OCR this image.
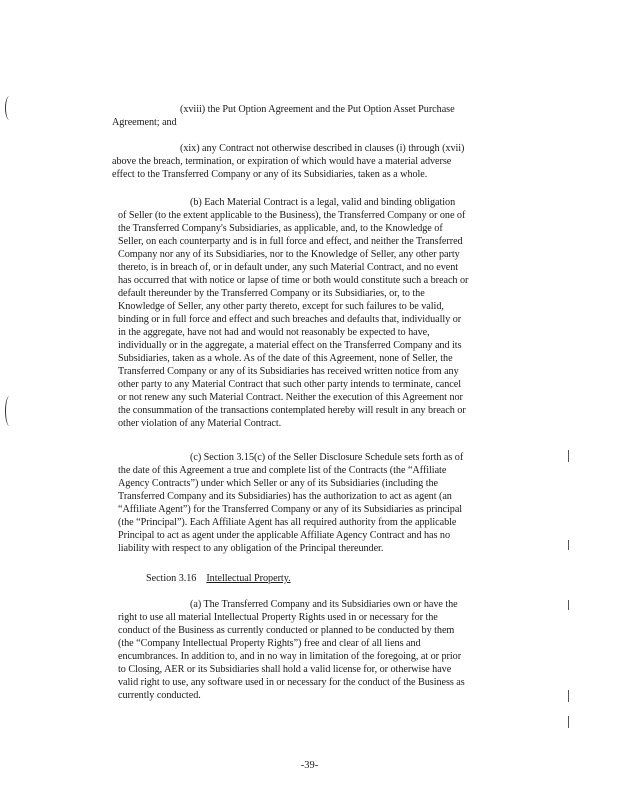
(xviii) the Put Option Agreement and the Put Option Asset Purchase
Agreement; and
(xix) any Contract not otherwise described in clauses (i) through (xvii)
above the breach, termination, or expiration of which would have a material adverse
effect to the Transferred Company or any of its Subsidiaries, taken as a whole.
(b) Each Material Contract is a legal, valid and binding obligation
of Seller (to the extent applicable to the Business), the Transferred Company or one of
the Transferred Company's Subsidiaries, as applicable, and, to the Knowledge of
Seller, on each counterparty and is in full force and effect, and neither the Transferred
Company nor any of its Subsidiaries, nor to the Knowledge of Seller, any other party
thereto, is in breach of, or in default under, any such Material Contract, and no event
has occurred that with notice or lapse of time or both would constitute such a breach or
default thereunder by the Transferred Company or its Subsidiaries, or, to the
Knowledge of Seller, any other party thereto, except for such failures to be valid,
binding or in full force and effect and such breaches and defaults that, individually or
in the aggregate, have not had and would not reasonably be expected to have,
individually or in the aggregate, a material effect on the Transferred Company and its
Subsidiaries, taken as a whole. As of the date of this Agreement, none of Seller, the
Transferred Company or any of its Subsidiaries has received written notice from any
other party to any Material Contract that such other party intends to terminate, cancel
or not renew any such Material Contract. Neither the execution of this Agreement nor
the consummation of the transactions contemplated hereby will result in any breach or
other violation of any Material Contract.
(c) Section 3.15(c) of the Seller Disclosure Schedule sets forth as of
the date of this Agreement a true and complete list of the Contracts (the “Affiliate
Agency Contracts”) under which Seller or any of its Subsidiaries (including the
Transferred Company and its Subsidiaries) has the authorization to act as agent (an
“Affiliate Agent”) for the Transferred Company or any of its Subsidiaries as principal
(the “Principal”). Each Affiliate Agent has all required authority from the applicable
Principal to act as agent under the applicable Affiliate Agency Contract and has no
liability with respect to any obligation of the Principal thereunder.
Section 3.16 Intellectual Property.
(a) The Transferred Company and its Subsidiaries own or have the
right to use all material Intellectual Property Rights used in or necessary for the
conduct of the Business as currently conducted or planned to be conducted by them
(the “Company Intellectual Property Rights”) free and clear of all liens and
encumbrances. In addition to, and in no way in limitation of the foregoing, at or prior
to Closing, AER or its Subsidiaries shall hold a valid license for, or otherwise have
valid right to use, any software used in or necessary for the conduct of the Business as
currently conducted.
-39-
